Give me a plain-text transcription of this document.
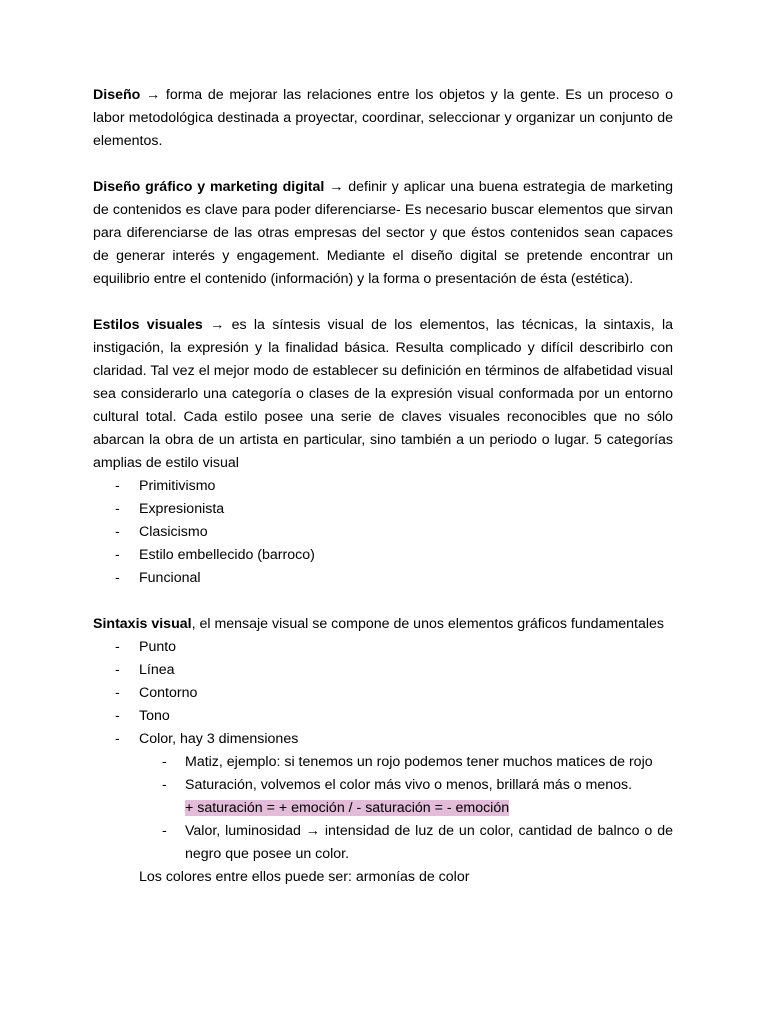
Diseño → forma de mejorar las relaciones entre los objetos y la gente. Es un proceso o labor metodológica destinada a proyectar, coordinar, seleccionar y organizar un conjunto de elementos.

Diseño gráfico y marketing digital → definir y aplicar una buena estrategia de marketing de contenidos es clave para poder diferenciarse- Es necesario buscar elementos que sirvan para diferenciarse de las otras empresas del sector y que éstos contenidos sean capaces de generar interés y engagement. Mediante el diseño digital se pretende encontrar un equilibrio entre el contenido (información) y la forma o presentación de ésta (estética).

Estilos visuales → es la síntesis visual de los elementos, las técnicas, la sintaxis, la instigación, la expresión y la finalidad básica. Resulta complicado y difícil describirlo con claridad. Tal vez el mejor modo de establecer su definición en términos de alfabetidad visual sea considerarlo una categoría o clases de la expresión visual conformada por un entorno cultural total. Cada estilo posee una serie de claves visuales reconocibles que no sólo abarcan la obra de un artista en particular, sino también a un periodo o lugar. 5 categorías amplias de estilo visual

- Primitivismo
- Expresionista
- Clasicismo
- Estilo embellecido (barroco)
- Funcional

Sintaxis visual, el mensaje visual se compone de unos elementos gráficos fundamentales

- Punto
- Línea
- Contorno
- Tono
- Color, hay 3 dimensiones
- Matiz, ejemplo: si tenemos un rojo podemos tener muchos matices de rojo
- Saturación, volvemos el color más vivo o menos, brillará más o menos.
+ saturación = + emoción / - saturación = - emoción
- Valor, luminosidad → intensidad de luz de un color, cantidad de balnco o de negro que posee un color.
Los colores entre ellos puede ser: armonías de color
